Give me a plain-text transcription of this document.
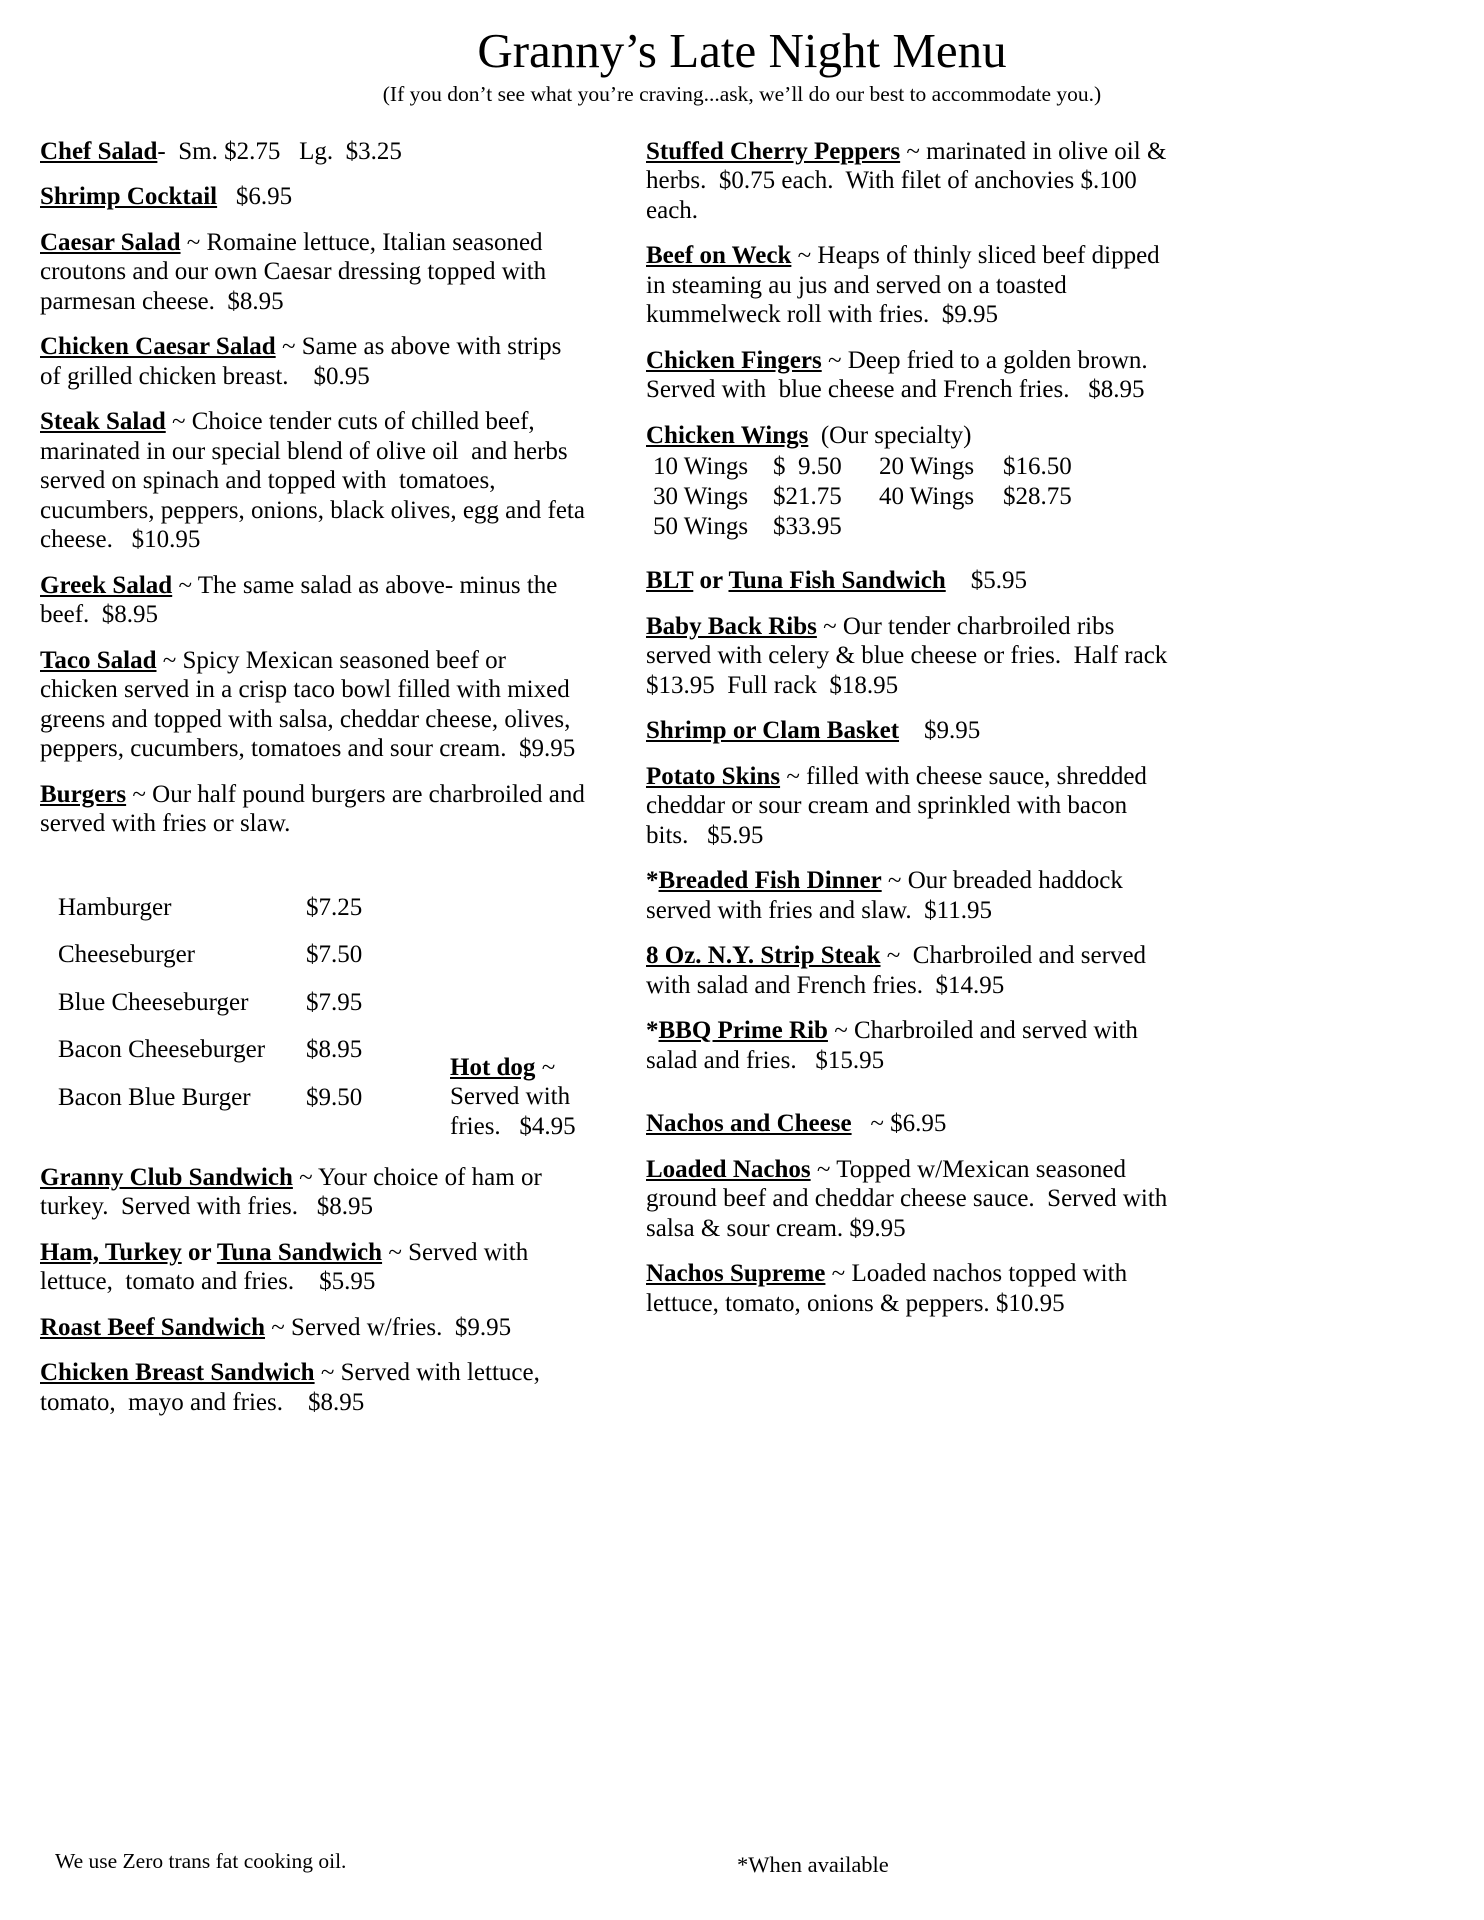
Granny’s Late Night Menu
(If you don’t see what you’re craving...ask, we’ll do our best to accommodate you.)
Chef Salad-  Sm. $2.75   Lg.  $3.25
Shrimp Cocktail   $6.95
Caesar Salad ~ Romaine lettuce, Italian seasoned croutons and our own Caesar dressing topped with parmesan cheese.  $8.95
Chicken Caesar Salad ~ Same as above with strips of grilled chicken breast.    $0.95
Steak Salad ~ Choice tender cuts of chilled beef, marinated in our special blend of olive oil  and herbs served on spinach and topped with  tomatoes, cucumbers, peppers, onions, black olives, egg and feta cheese.   $10.95
Greek Salad ~ The same salad as above- minus the beef.  $8.95
Taco Salad ~ Spicy Mexican seasoned beef or chicken served in a crisp taco bowl filled with mixed greens and topped with salsa, cheddar cheese, olives, peppers, cucumbers, tomatoes and sour cream.  $9.95
Burgers ~ Our half pound burgers are charbroiled and served with fries or slaw.
Hamburger	$7.25
Cheeseburger	$7.50
Blue Cheeseburger	$7.95
Bacon Cheeseburger	$8.95
Bacon Blue Burger	$9.50
Hot dog ~ Served with fries.   $4.95
Granny Club Sandwich ~ Your choice of ham or turkey.  Served with fries.   $8.95
Ham, Turkey or Tuna Sandwich ~ Served with lettuce,  tomato and fries.    $5.95
Roast Beef Sandwich ~ Served w/fries.  $9.95
Chicken Breast Sandwich ~ Served with lettuce, tomato,  mayo and fries.    $8.95
Stuffed Cherry Peppers ~ marinated in olive oil & herbs.  $0.75 each.  With filet of anchovies $.100 each.
Beef on Weck ~ Heaps of thinly sliced beef dipped in steaming au jus and served on a toasted kummelweck roll with fries.  $9.95
Chicken Fingers ~ Deep fried to a golden brown.  Served with  blue cheese and French fries.   $8.95
Chicken Wings  (Our specialty)
10 Wings $  9.50	20 Wings	$16.50
30 Wings $21.75	40 Wings	$28.75
50 Wings $33.95
BLT or Tuna Fish Sandwich    $5.95
Baby Back Ribs ~ Our tender charbroiled ribs served with celery & blue cheese or fries.  Half rack  $13.95  Full rack  $18.95
Shrimp or Clam Basket    $9.95
Potato Skins ~ filled with cheese sauce, shredded cheddar or sour cream and sprinkled with bacon bits.   $5.95
*Breaded Fish Dinner ~ Our breaded haddock served with fries and slaw.  $11.95
8 Oz. N.Y. Strip Steak ~  Charbroiled and served with salad and French fries.  $14.95
*BBQ Prime Rib ~ Charbroiled and served with salad and fries.   $15.95
Nachos and Cheese   ~ $6.95
Loaded Nachos ~ Topped w/Mexican seasoned ground beef and cheddar cheese sauce.  Served with salsa & sour cream. $9.95
Nachos Supreme ~ Loaded nachos topped with lettuce, tomato, onions & peppers. $10.95
We use Zero trans fat cooking oil.	*When available
